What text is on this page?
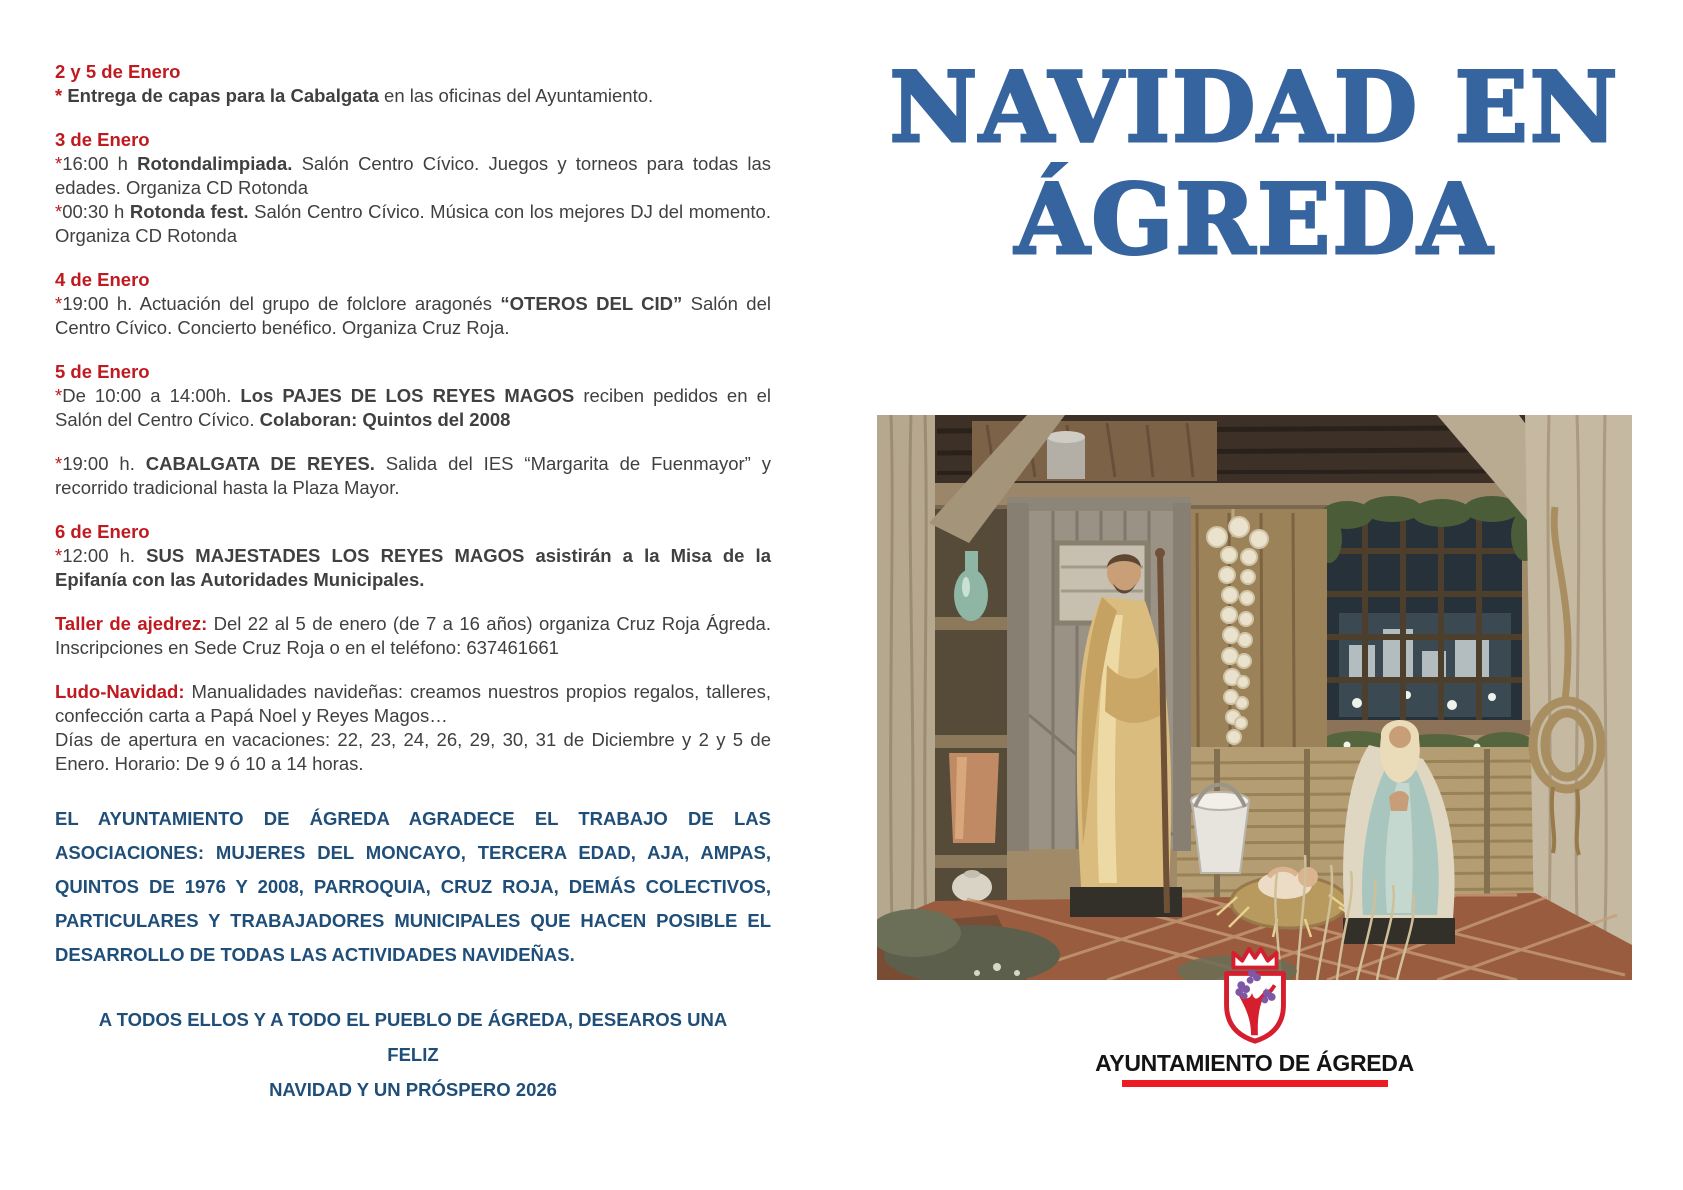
2 y 5 de Enero

* Entrega de capas para la Cabalgata en las oficinas del Ayuntamiento.

3 de Enero

*16:00 h Rotondalimpiada. Salón Centro Cívico. Juegos y torneos para todas las edades. Organiza CD Rotonda

*00:30 h Rotonda fest. Salón Centro Cívico. Música con los mejores DJ del momento. Organiza CD Rotonda

4 de Enero

*19:00 h. Actuación del grupo de folclore aragonés “OTEROS DEL CID” Salón del Centro Cívico. Concierto benéfico. Organiza Cruz Roja.

5 de Enero

*De 10:00 a 14:00h. Los PAJES DE LOS REYES MAGOS reciben pedidos en el Salón del Centro Cívico. Colaboran: Quintos del 2008

*19:00 h. CABALGATA DE REYES. Salida del IES “Margarita de Fuenmayor” y recorrido tradicional hasta la Plaza Mayor.

6 de Enero

*12:00 h. SUS MAJESTADES LOS REYES MAGOS asistirán a la Misa de la Epifanía con las Autoridades Municipales.

Taller de ajedrez: Del 22 al 5 de enero (de 7 a 16 años) organiza Cruz Roja Ágreda. Inscripciones en Sede Cruz Roja o en el teléfono: 637461661

Ludo-Navidad: Manualidades navideñas: creamos nuestros propios regalos, talleres, confección carta a Papá Noel y Reyes Magos…

Días de apertura en vacaciones: 22, 23, 24, 26, 29, 30, 31 de Diciembre y 2 y 5 de Enero. Horario: De 9 ó 10 a 14 horas.

EL AYUNTAMIENTO DE ÁGREDA AGRADECE EL TRABAJO DE LAS ASOCIACIONES: MUJERES DEL MONCAYO, TERCERA EDAD, AJA, AMPAS, QUINTOS DE 1976 Y 2008, PARROQUIA, CRUZ ROJA, DEMÁS COLECTIVOS, PARTICULARES Y TRABAJADORES MUNICIPALES QUE HACEN POSIBLE EL DESARROLLO DE TODAS LAS ACTIVIDADES NAVIDEÑAS.

A TODOS ELLOS Y A TODO EL PUEBLO DE ÁGREDA, DESEAROS UNA FELIZ
NAVIDAD Y UN PRÓSPERO 2026
NAVIDAD EN
ÁGREDA
AYUNTAMIENTO DE ÁGREDA
